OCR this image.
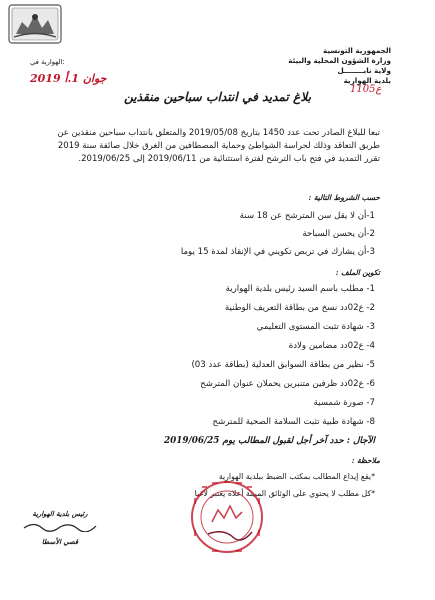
الجمهورية التونسية
وزارة الشؤون المحلية والبيئة
ولاية نابــــــــل
بلدية الهوارية
الهوارية في:
2019 جوان 1.أ
1105ع
بلاغ تمديد في انتداب سباحين منقذين
تبعا للبلاغ الصادر تحت عدد 1450 بتاريخ 2019/05/08 والمتعلق بانتداب سباحين منقذين عن طريق التعاقد وذلك لحراسة الشواطئ وحماية المصطافين من الغرق خلال صائفة سنة 2019 تقرر التمديد في فتح باب الترشح لفترة استثنائية من 2019/06/11 إلى 2019/06/25.
حسب الشروط التالية :
1-أن لا يقل سن المترشح عن 18 سنة
2-أن يحسن السباحة
3-أن يشارك في تربص تكويني في الإنقاذ لمدة 15 يوما
تكوين الملف :
1- مطلب باسم السيد رئيس بلدية الهوارية
2- ع02دد نسخ من بطاقة التعريف الوطنية
3- شهادة تثبت المستوى التعليمي
4- ع02دد مضامين ولادة
5- نظير من بطاقة السوابق العدلية (بطاقة عدد 03)
6- ع02دد ظرفين متنبرين يحملان عنوان المترشح
7- صورة شمسية
8- شهادة طبية تثبت السلامة الصحية للمترشح
الآجال : حدد آخر أجل لقبول المطالب يوم 2019/06/25
ملاحظة :
*يقع إيداع المطالب بمكتب الضبط ببلدية الهوارية
*كل مطلب لا يحتوي على الوثائق المبينة أعلاه يعتبر لاغيا
رئيس بلدية الهوارية
قصي الأسطا
